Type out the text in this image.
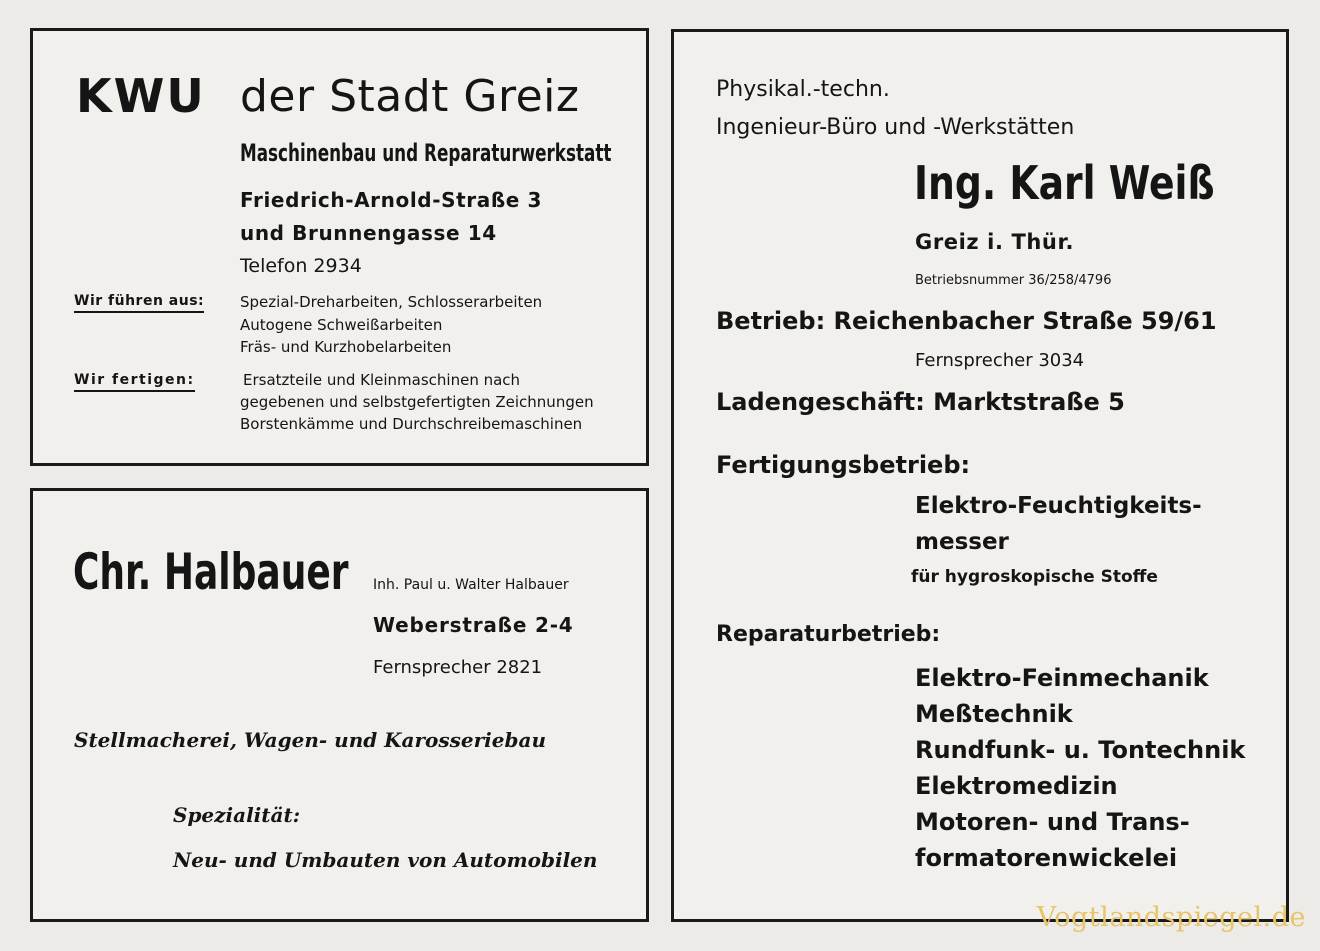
KWU der Stadt Greiz
Maschinenbau und Reparaturwerkstatt
Friedrich-Arnold-Straße 3
und Brunnengasse 14
Telefon 2934
Wir führen aus: Spezial-Dreharbeiten, Schlosserarbeiten
Autogene Schweißarbeiten
Fräs- und Kurzhobelarbeiten
Wir fertigen:	Ersatzteile und Kleinmaschinen nach
gegebenen und selbstgefertigten Zeichnungen
Borstenkämme und Durchschreibemaschinen
Chr. Halbauer	Inh. Paul u. Walter Halbauer
Weberstraße 2-4
Fernsprecher 2821
Stellmacherei, Wagen- und Karosseriebau
Spezialität:
Neu- und Umbauten von Automobilen
Physikal.-techn.
Ingenieur-Büro und -Werkstätten
Ing. Karl Weiß
Greiz i. Thür.
Betriebsnummer 36/258/4796
Betrieb: Reichenbacher Straße 59/61
Fernsprecher 3034
Ladengeschäft: Marktstraße 5
Fertigungsbetrieb:
Elektro-Feuchtigkeits-
messer
für hygroskopische Stoffe
Reparaturbetrieb:
Elektro-Feinmechanik
Meßtechnik
Rundfunk- u. Tontechnik
Elektromedizin
Motoren- und Trans-
formatorenwickelei
Vogtlandspiegel.de
